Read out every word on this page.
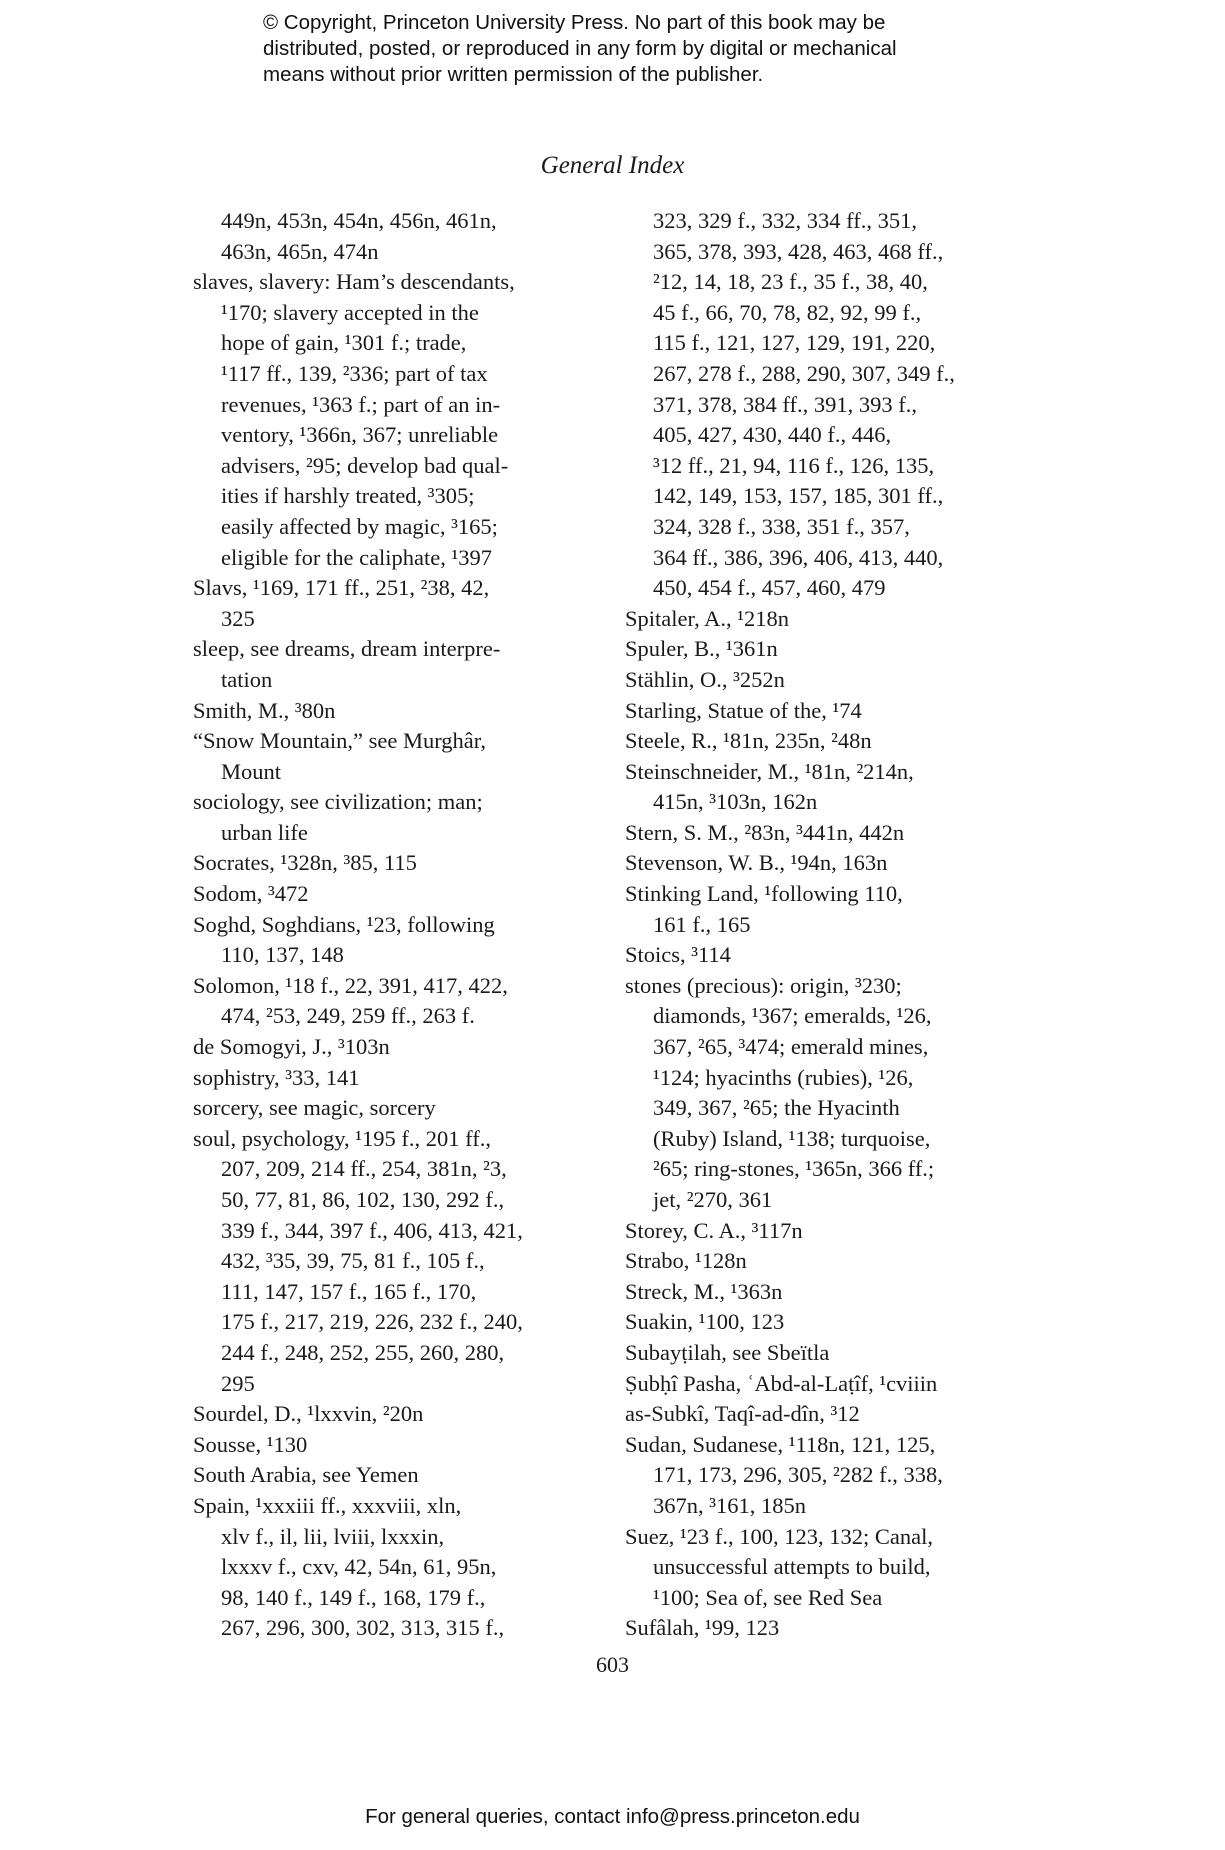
© Copyright, Princeton University Press. No part of this book may be
distributed, posted, or reproduced in any form by digital or mechanical
means without prior written permission of the publisher.
General Index
449n, 453n, 454n, 456n, 461n,
463n, 465n, 474n
slaves, slavery: Ham’s descendants,
¹170; slavery accepted in the
hope of gain, ¹301 f.; trade,
¹117 ff., 139, ²336; part of tax
revenues, ¹363 f.; part of an in-
ventory, ¹366n, 367; unreliable
advisers, ²95; develop bad qual-
ities if harshly treated, ³305;
easily affected by magic, ³165;
eligible for the caliphate, ¹397
Slavs, ¹169, 171 ff., 251, ²38, 42,
325
sleep, see dreams, dream interpre-
tation
Smith, M., ³80n
“Snow Mountain,” see Murghâr,
Mount
sociology, see civilization; man;
urban life
Socrates, ¹328n, ³85, 115
Sodom, ³472
Soghd, Soghdians, ¹23, following
110, 137, 148
Solomon, ¹18 f., 22, 391, 417, 422,
474, ²53, 249, 259 ff., 263 f.
de Somogyi, J., ³103n
sophistry, ³33, 141
sorcery, see magic, sorcery
soul, psychology, ¹195 f., 201 ff.,
207, 209, 214 ff., 254, 381n, ²3,
50, 77, 81, 86, 102, 130, 292 f.,
339 f., 344, 397 f., 406, 413, 421,
432, ³35, 39, 75, 81 f., 105 f.,
111, 147, 157 f., 165 f., 170,
175 f., 217, 219, 226, 232 f., 240,
244 f., 248, 252, 255, 260, 280,
295
Sourdel, D., ¹lxxvin, ²20n
Sousse, ¹130
South Arabia, see Yemen
Spain, ¹xxxiii ff., xxxviii, xln,
xlv f., il, lii, lviii, lxxxin,
lxxxv f., cxv, 42, 54n, 61, 95n,
98, 140 f., 149 f., 168, 179 f.,
267, 296, 300, 302, 313, 315 f.,
323, 329 f., 332, 334 ff., 351,
365, 378, 393, 428, 463, 468 ff.,
²12, 14, 18, 23 f., 35 f., 38, 40,
45 f., 66, 70, 78, 82, 92, 99 f.,
115 f., 121, 127, 129, 191, 220,
267, 278 f., 288, 290, 307, 349 f.,
371, 378, 384 ff., 391, 393 f.,
405, 427, 430, 440 f., 446,
³12 ff., 21, 94, 116 f., 126, 135,
142, 149, 153, 157, 185, 301 ff.,
324, 328 f., 338, 351 f., 357,
364 ff., 386, 396, 406, 413, 440,
450, 454 f., 457, 460, 479
Spitaler, A., ¹218n
Spuler, B., ¹361n
Stählin, O., ³252n
Starling, Statue of the, ¹74
Steele, R., ¹81n, 235n, ²48n
Steinschneider, M., ¹81n, ²214n,
415n, ³103n, 162n
Stern, S. M., ²83n, ³441n, 442n
Stevenson, W. B., ¹94n, 163n
Stinking Land, ¹following 110,
161 f., 165
Stoics, ³114
stones (precious): origin, ³230;
diamonds, ¹367; emeralds, ¹26,
367, ²65, ³474; emerald mines,
¹124; hyacinths (rubies), ¹26,
349, 367, ²65; the Hyacinth
(Ruby) Island, ¹138; turquoise,
²65; ring-stones, ¹365n, 366 ff.;
jet, ²270, 361
Storey, C. A., ³117n
Strabo, ¹128n
Streck, M., ¹363n
Suakin, ¹100, 123
Subayṭilah, see Sbeïtla
Ṣubḥî Pasha, ʿAbd-al-Laṭîf, ¹cviiin
as-Subkî, Taqî-ad-dîn, ³12
Sudan, Sudanese, ¹118n, 121, 125,
171, 173, 296, 305, ²282 f., 338,
367n, ³161, 185n
Suez, ¹23 f., 100, 123, 132; Canal,
unsuccessful attempts to build,
¹100; Sea of, see Red Sea
Sufâlah, ¹99, 123
603
For general queries, contact info@press.princeton.edu
